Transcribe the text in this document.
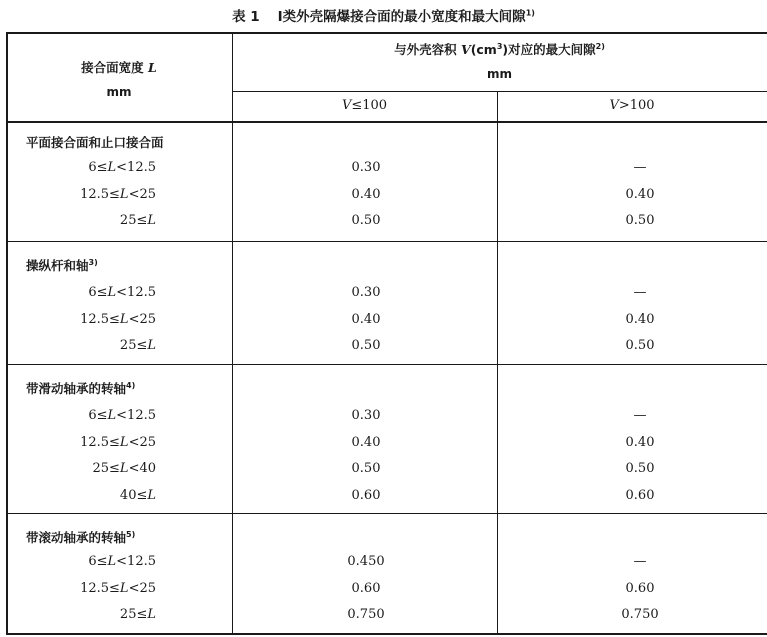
表 1 Ⅰ类外壳隔爆接合面的最小宽度和最大间隙$^{1)}$
接合面宽度 L
mm
与外壳容积 $V(cm^3)$对应的最大间隙$^{2)}$
mm
V≤100	V>100
平面接合面和止口接合面
6≤L<12.5	0.30	—
12.5≤L<25	0.40	0.40
25≤L	0.50	0.50
操纵杆和轴$^{3)}$
6≤L<12.5	0.30	—
12.5≤L<25	0.40	0.40
25≤L	0.50	0.50
带滑动轴承的转轴$^{4)}$
6≤L<12.5	0.30	—
12.5≤L<25	0.40	0.40
25≤L<40	0.50	0.50
40≤L	0.60	0.60
带滚动轴承的转轴$^{5)}$
6≤L<12.5	0.450	—
12.5≤L<25	0.60	0.60
25≤L	0.750	0.750
